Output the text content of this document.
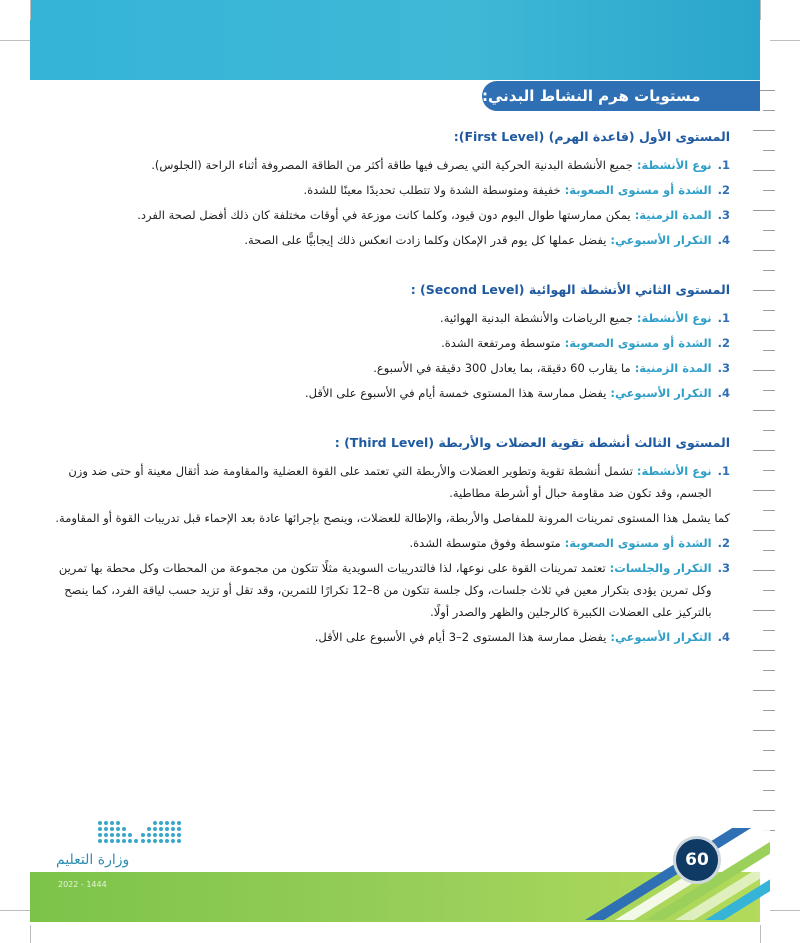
مستويات هرم النشاط البدني:
المستوى الأول (قاعدة الهرم) (First Level):
1.
نوع الأنشطة: جميع الأنشطة البدنية الحركية التي يصرف فيها طاقة أكثر من الطاقة المصروفة أثناء الراحة (الجلوس).
2.
الشدة أو مستوى الصعوبة: خفيفة ومتوسطة الشدة ولا تتطلب تحديدًا معينًا للشدة.
3.
المدة الزمنية: يمكن ممارستها طوال اليوم دون قيود، وكلما كانت موزعة في أوقات مختلفة كان ذلك أفضل لصحة الفرد.
4.
التكرار الأسبوعي: يفضل عملها كل يوم قدر الإمكان وكلما زادت انعكس ذلك إيجابيًّا على الصحة.
المستوى الثاني الأنشطة الهوائية (Second Level) :
1.
نوع الأنشطة: جميع الرياضات والأنشطة البدنية الهوائية.
2.
الشدة أو مستوى الصعوبة: متوسطة ومرتفعة الشدة.
3.
المدة الزمنية: ما يقارب 60 دقيقة، بما يعادل 300 دقيقة في الأسبوع.
4.
التكرار الأسبوعي: يفضل ممارسة هذا المستوى خمسة أيام في الأسبوع على الأقل.
المستوى الثالث أنشطة تقوية العضلات والأربطة (Third Level) :
1.
نوع الأنشطة: تشمل أنشطة تقوية وتطوير العضلات والأربطة التي تعتمد على القوة العضلية والمقاومة ضد أثقال معينة أو حتى ضد وزن الجسم، وقد تكون ضد مقاومة حبال أو أشرطة مطاطية.
كما يشمل هذا المستوى تمرينات المرونة للمفاصل والأربطة، والإطالة للعضلات، وينصح بإجرائها عادة بعد الإحماء قبل تدريبات القوة أو المقاومة.
2.
الشدة أو مستوى الصعوبة: متوسطة وفوق متوسطة الشدة.
3.
التكرار والجلسات: تعتمد تمرينات القوة على نوعها، لذا فالتدريبات السويدية مثلًا تتكون من مجموعة من المحطات وكل محطة بها تمرين وكل تمرين يؤدى بتكرار معين في ثلاث جلسات، وكل جلسة تتكون من 8–12 تكرارًا للتمرين، وقد تقل أو تزيد حسب لياقة الفرد، كما ينصح بالتركيز على العضلات الكبيرة كالرجلين والظهر والصدر أولًا.
4.
التكرار الأسبوعي: يفضل ممارسة هذا المستوى 2–3 أيام في الأسبوع على الأقل.
60
وزارة التعليم
2022 - 1444
